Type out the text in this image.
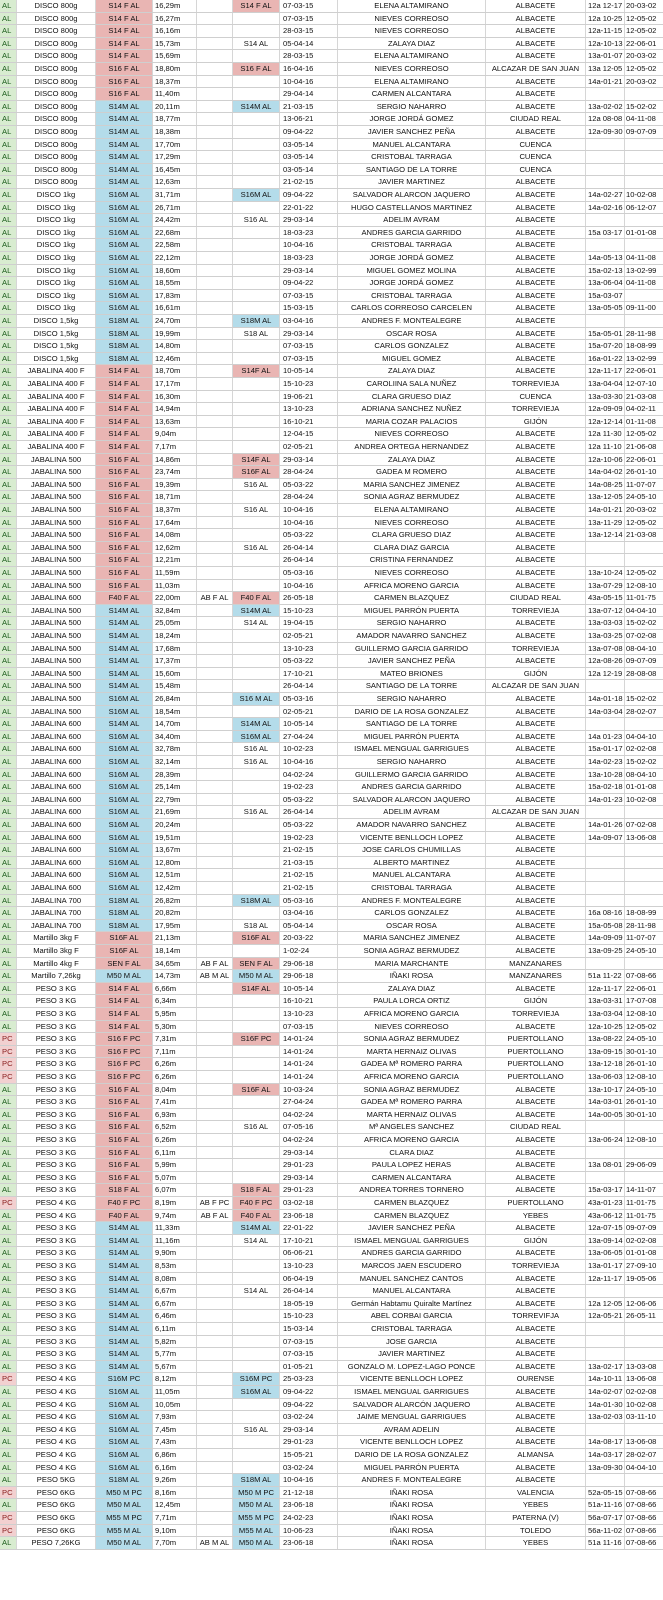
AL	DISCO 800g	S14 F AL	16,29m	S14 F AL	07-03-15	ELENA ALTAMIRANO	ALBACETE	12a 12-17 20-03-02
AL	DISCO 800g	S14 F AL	16,27m	07-03-15	NIEVES CORREOSO	ALBACETE	12a 10-25 12-05-02
AL	DISCO 800g	S14 F AL	16,16m	28-03-15	NIEVES CORREOSO	ALBACETE	12a-11-15 12-05-02
AL	DISCO 800g	S14 F AL	15,73m	S14 AL	05-04-14	ZALAYA DIAZ	ALBACETE	12a-10-13 22-06-01
AL	DISCO 800g	S14 F AL	15,69m	28-03-15	ELENA ALTAMIRANO	ALBACETE	13a-01-07 20-03-02
AL	DISCO 800g	S16 F AL	18,80m	S16 F AL	16-04-16	NIEVES CORREOSO	ALCAZAR DE SAN JUAN	13a 12-05 12-05-02
AL	DISCO 800g	S16 F AL	18,37m	10-04-16	ELENA ALTAMIRANO	ALBACETE	14a-01-21 20-03-02
AL	DISCO 800g	S16 F AL	11,40m	29-04-14	CARMEN ALCANTARA	ALBACETE
AL	DISCO 800g	S14M AL	20,11m	S14M AL	21-03-15	SERGIO NAHARRO	ALBACETE	13a-02-02 15-02-02
AL	DISCO 800g	S14M AL	18,77m	13-06-21	JORGE JORDÁ GOMEZ	CIUDAD REAL	12a 08-08 04-11-08
AL	DISCO 800g	S14M AL	18,38m	09-04-22	JAVIER SANCHEZ PEÑA	ALBACETE	12a-09-30 09-07-09
AL	DISCO 800g	S14M AL	17,70m	03-05-14	MANUEL ALCANTARA	CUENCA
AL	DISCO 800g	S14M AL	17,29m	03-05-14	CRISTOBAL TARRAGA	CUENCA
AL	DISCO 800g	S14M AL	16,45m	03-05-14	SANTIAGO DE LA TORRE	CUENCA
AL	DISCO 800g	S14M AL	12,63m	21-02-15	JAVIER MARTINEZ	ALBACETE
AL	DISCO 1kg	S16M AL	31,71m	S16M AL	09-04-22	SALVADOR ALARCON JAQUERO	ALBACETE	14a-02-27 10-02-08
AL	DISCO 1kg	S16M AL	26,71m	22-01-22	HUGO CASTELLANOS MARTINEZ	ALBACETE	14a-02-16 06-12-07
AL	DISCO 1kg	S16M AL	24,42m	S16 AL	29-03-14	ADELIM AVRAM	ALBACETE
AL	DISCO 1kg	S16M AL	22,68m	18-03-23	ANDRES GARCIA GARRIDO	ALBACETE	15a 03-17 01-01-08
AL	DISCO 1kg	S16M AL	22,58m	10-04-16	CRISTOBAL TARRAGA	ALBACETE
AL	DISCO 1kg	S16M AL	22,12m	18-03-23	JORGE JORDÁ GOMEZ	ALBACETE	14a-05-13 04-11-08
AL	DISCO 1kg	S16M AL	18,60m	29-03-14	MIGUEL GOMEZ MOLINA	ALBACETE	15a-02-13 13-02-99
AL	DISCO 1kg	S16M AL	18,55m	09-04-22	JORGE JORDÁ GOMEZ	ALBACETE	13a-06-04 04-11-08
AL	DISCO 1kg	S16M AL	17,83m	07-03-15	CRISTOBAL TARRAGA	ALBACETE	15a-03-07
AL	DISCO 1kg	S16M AL	16,61m	15-03-15	CARLOS CORREOSO CARCELEN	ALBACETE	13a-05-05 09-11-00
AL	DISCO 1,5kg	S18M AL	24,70m	S18M AL	03-04-16	ANDRES F. MONTEALEGRE	ALBACETE
AL	DISCO 1,5kg	S18M AL	19,99m	S18 AL	29-03-14	OSCAR ROSA	ALBACETE	15a-05-01 28-11-98
AL	DISCO 1,5kg	S18M AL	14,80m	07-03-15	CARLOS GONZALEZ	ALBACETE	15a-07-20 18-08-99
AL	DISCO 1,5kg	S18M AL	12,46m	07-03-15	MIGUEL GOMEZ	ALBACETE	16a-01-22 13-02-99
AL	JABALINA 400 F	S14 F AL	18,70m	S14F AL	10-05-14	ZALAYA DIAZ	ALBACETE	12a-11-17 22-06-01
AL	JABALINA 400 F	S14 F AL	17,17m	15-10-23	CAROLIINA SALA NUÑEZ	TORREVIEJA	13a-04-04 12-07-10
AL	JABALINA 400 F	S14 F AL	16,30m	19-06-21	CLARA GRUESO DIAZ	CUENCA	13a-03-30 21-03-08
AL	JABALINA 400 F	S14 F AL	14,94m	13-10-23	ADRIANA SANCHEZ NUÑEZ	TORREVIEJA	12a-09-09 04-02-11
AL	JABALINA 400 F	S14 F AL	13,63m	16-10-21	MARIA COZAR PALACIOS	GIJÓN	12a-12-14 01-11-08
AL	JABALINA 400 F	S14 F AL	9,04m	12-04-15	NIEVES CORREOSO	ALBACETE	12a 11-30 12-05-02
AL	JABALINA 400 F	S14 F AL	7,17m	02-05-21	ANDREA ORTEGA HERNANDEZ	ALBACETE	12a 11-10 21-06-08
AL	JABALINA 500	S16 F AL	14,86m	S14F AL	29-03-14	ZALAYA DIAZ	ALBACETE	12a-10-06 22-06-01
AL	JABALINA 500	S16 F AL	23,74m	S16F AL	28-04-24	GADEA M ROMERO	ALBACETE	14a-04-02 26-01-10
AL	JABALINA 500	S16 F AL	19,39m	S16 AL	05-03-22	MARIA SANCHEZ JIMENEZ	ALBACETE	14a-08-25 11-07-07
AL	JABALINA 500	S16 F AL	18,71m	28-04-24	SONIA AGRAZ BERMUDEZ	ALBACETE	13a-12-05 24-05-10
AL	JABALINA 500	S16 F AL	18,37m	S16 AL	10-04-16	ELENA ALTAMIRANO	ALBACETE	14a-01-21 20-03-02
AL	JABALINA 500	S16 F AL	17,64m	10-04-16	NIEVES CORREOSO	ALBACETE	13a-11-29 12-05-02
AL	JABALINA 500	S16 F AL	14,08m	05-03-22	CLARA GRUESO DIAZ	ALBACETE	13a-12-14 21-03-08
AL	JABALINA 500	S16 F AL	12,62m	S16 AL	26-04-14	CLARA DIAZ GARCIA	ALBACETE
AL	JABALINA 500	S16 F AL	12,21m	26-04-14	CRISTINA FERNANDEZ	ALBACETE
AL	JABALINA 500	S16 F AL	11,59m	05-03-16	NIEVES CORREOSO	ALBACETE	13a-10-24 12-05-02
AL	JABALINA 500	S16 F AL	11,03m	10-04-16	AFRICA MORENO GARCIA	ALBACETE	13a-07-29 12-08-10
AL	JABALINA 600	F40 F AL	22,00m	AB F AL	F40 F AL	26-05-18	CARMEN BLAZQUEZ	CIUDAD REAL	43a-05-15 11-01-75
AL	JABALINA 500	S14M AL	32,84m	S14M AL	15-10-23	MIGUEL PARRÓN PUERTA	TORREVIEJA	13a-07-12 04-04-10
AL	JABALINA 500	S14M AL	25,05m	S14 AL	19-04-15	SERGIO NAHARRO	ALBACETE	13a-03-03 15-02-02
AL	JABALINA 500	S14M AL	18,24m	02-05-21	AMADOR NAVARRO SANCHEZ	ALBACETE	13a-03-25 07-02-08
AL	JABALINA 500	S14M AL	17,68m	13-10-23	GUILLERMO GARCIA GARRIDO	TORREVIEJA	13a-07-08 08-04-10
AL	JABALINA 500	S14M AL	17,37m	05-03-22	JAVIER SANCHEZ PEÑA	ALBACETE	12a-08-26 09-07-09
AL	JABALINA 500	S14M AL	15,60m	17-10-21	MATEO BRIONES	GIJÓN	12a 12-19 28-08-08
AL	JABALINA 500	S14M AL	15,48m	26-04-14	SANTIAGO DE LA TORRE	ALCAZAR DE SAN JUAN
AL	JABALINA 500	S16M AL	26,84m	S16 M AL	05-03-16	SERGIO NAHARRO	ALBACETE	14a-01-18 15-02-02
AL	JABALINA 500	S16M AL	18,54m	02-05-21	DARIO DE LA ROSA GONZALEZ	ALBACETE	14a-03-04 28-02-07
AL	JABALINA 600	S14M AL	14,70m	S14M AL	10-05-14	SANTIAGO DE LA TORRE	ALBACETE
AL	JABALINA 600	S16M AL	34,40m	S16M AL	27-04-24	MIGUEL PARRÓN PUERTA	ALBACETE	14a 01-23 04-04-10
AL	JABALINA 600	S16M AL	32,78m	S16 AL	10-02-23	ISMAEL MENGUAL GARRIGUES	ALBACETE	15a-01-17 02-02-08
AL	JABALINA 600	S16M AL	32,14m	S16 AL	10-04-16	SERGIO NAHARRO	ALBACETE	14a-02-23 15-02-02
AL	JABALINA 600	S16M AL	28,39m	04-02-24	GUILLERMO GARCIA GARRIDO	ALBACETE	13a-10-28 08-04-10
AL	JABALINA 600	S16M AL	25,14m	19-02-23	ANDRES GARCIA GARRIDO	ALBACETE	15a-02-18 01-01-08
AL	JABALINA 600	S16M AL	22,79m	05-03-22	SALVADOR ALARCON JAQUERO	ALBACETE	14a-01-23 10-02-08
AL	JABALINA 600	S16M AL	21,69m	S16 AL	26-04-14	ADELIM AVRAM	ALCAZAR DE SAN JUAN
AL	JABALINA 600	S16M AL	20,24m	05-03-22	AMADOR NAVARRO SANCHEZ	ALBACETE	14a-01-26 07-02-08
AL	JABALINA 600	S16M AL	19,51m	19-02-23	VICENTE BENLLOCH LOPEZ	ALBACETE	14a-09-07 13-06-08
AL	JABALINA 600	S16M AL	13,67m	21-02-15	JOSE CARLOS CHUMILLAS	ALBACETE
AL	JABALINA 600	S16M AL	12,80m	21-03-15	ALBERTO MARTINEZ	ALBACETE
AL	JABALINA 600	S16M AL	12,51m	21-02-15	MANUEL ALCANTARA	ALBACETE
AL	JABALINA 600	S16M AL	12,42m	21-02-15	CRISTOBAL TARRAGA	ALBACETE
AL	JABALINA 700	S18M AL	26,82m	S18M AL	05-03-16	ANDRES F. MONTEALEGRE	ALBACETE
AL	JABALINA 700	S18M AL	20,82m	03-04-16	CARLOS GONZALEZ	ALBACETE	16a 08-16 18-08-99
AL	JABALINA 700	S18M AL	17,95m	S18 AL	05-04-14	OSCAR ROSA	ALBACETE	15a-05-08 28-11-98
AL	Martillo 3kg F	S16F AL	21,13m	S16F AL	20-03-22	MARIA SANCHEZ JIMENEZ	ALBACETE	14a-09-09 11-07-07
AL	Martillo 3kg F	S16F AL	18,14m	1-02-24	SONIA AGRAZ BERMUDEZ	ALBACETE	13a-09-25 24-05-10
AL	Martillo 4kg F	SEN F AL	34,65m	AB F AL	SEN F AL	29-06-18	MARIA MARCHANTE	MANZANARES
AL	Martillo 7,26kg	M50 M AL	14,73m	AB M AL	M50 M AL	29-06-18	IÑAKI ROSA	MANZANARES	51a 11-22 07-08-66
AL	PESO 3 KG	S14 F AL	6,66m	S14F AL	10-05-14	ZALAYA DIAZ	ALBACETE	12a-11-17 22-06-01
AL	PESO 3 KG	S14 F AL	6,34m	16-10-21	PAULA LORCA ORTIZ	GIJÓN	13a-03-31 17-07-08
AL	PESO 3 KG	S14 F AL	5,95m	13-10-23	AFRICA MORENO GARCIA	TORREVIEJA	13a-03-04 12-08-10
AL	PESO 3 KG	S14 F AL	5,30m	07-03-15	NIEVES CORREOSO	ALBACETE	12a-10-25 12-05-02
PC	PESO 3 KG	S16 F PC	7,31m	S16F PC	14-01-24	SONIA AGRAZ BERMUDEZ	PUERTOLLANO	13a-08-22 24-05-10
PC	PESO 3 KG	S16 F PC	7,11m	14-01-24	MARTA HERNAIZ OLIVAS	PUERTOLLANO	13a-09-15 30-01-10
PC	PESO 3 KG	S16 F PC	6,26m	14-01-24	GADEA Mª ROMERO PARRA	PUERTOLLANO	13a-12-18 26-01-10
PC	PESO 3 KG	S16 F PC	6,26m	14-01-24	AFRICA MORENO GARCIA	PUERTOLLANO	13a-06-03 12-08-10
AL	PESO 3 KG	S16 F AL	8,04m	S16F AL	10-03-24	SONIA AGRAZ BERMUDEZ	ALBACETE	13a-10-17 24-05-10
AL	PESO 3 KG	S16 F AL	7,41m	27-04-24	GADEA Mª ROMERO PARRA	ALBACETE	14a-03-01 26-01-10
AL	PESO 3 KG	S16 F AL	6,93m	04-02-24	MARTA HERNAIZ OLIVAS	ALBACETE	14a-00-05 30-01-10
AL	PESO 3 KG	S16 F AL	6,52m	S16 AL	07-05-16	Mª ANGELES SANCHEZ	CIUDAD REAL
AL	PESO 3 KG	S16 F AL	6,26m	04-02-24	AFRICA MORENO GARCIA	ALBACETE	13a-06-24 12-08-10
AL	PESO 3 KG	S16 F AL	6,11m	29-03-14	CLARA DIAZ	ALBACETE
AL	PESO 3 KG	S16 F AL	5,99m	29-01-23	PAULA LOPEZ HERAS	ALBACETE	13a 08-01 29-06-09
AL	PESO 3 KG	S16 F AL	5,07m	29-03-14	CARMEN ALCANTARA	ALBACETE
AL	PESO 3 KG	S18 F AL	6,07m	S18 F AL	29-01-23	ANDREA TORRES TORNERO	ALBACETE	15a-03-17 14-11-07
PC	PESO 4 KG	F40 F PC	8,19m	AB F PC	F40 F PC	03-02-18	CARMEN BLAZQUEZ	PUERTOLLANO	43a-01-23 11-01-75
AL	PESO 4 KG	F40 F AL	9,74m	AB F AL	F40 F AL	23-06-18	CARMEN BLAZQUEZ	YEBES	43a-06-12 11-01-75
AL	PESO 3 KG	S14M AL	11,33m	S14M AL	22-01-22	JAVIER SANCHEZ PEÑA	ALBACETE	12a-07-15 09-07-09
AL	PESO 3 KG	S14M AL	11,16m	S14 AL	17-10-21	ISMAEL MENGUAL GARRIGUES	GIJÓN	13a-09-14 02-02-08
AL	PESO 3 KG	S14M AL	9,90m	06-06-21	ANDRES GARCIA GARRIDO	ALBACETE	13a-06-05 01-01-08
AL	PESO 3 KG	S14M AL	8,53m	13-10-23	MARCOS JAEN ESCUDERO	TORREVIEJA	13a-01-17 27-09-10
AL	PESO 3 KG	S14M AL	8,08m	06-04-19	MANUEL SANCHEZ CANTOS	ALBACETE	12a-11-17 19-05-06
AL	PESO 3 KG	S14M AL	6,67m	S14 AL	26-04-14	MANUEL ALCANTARA	ALBACETE
AL	PESO 3 KG	S14M AL	6,67m	18-05-19	Germán Habtamu Quiralte Martínez	ALBACETE	12a 12-05 12-06-06
AL	PESO 3 KG	S14M AL	6,46m	15-10-23	ABEL CORBAI GARCIA	TORREVIFJA	12a-05-21 26-05-11
AL	PESO 3 KG	S14M AL	6,11m	15-03-14	CRISTOBAL TARRAGA	ALBACETE
AL	PESO 3 KG	S14M AL	5,82m	07-03-15	JOSE GARCIA	ALBACETE
AL	PESO 3 KG	S14M AL	5,77m	07-03-15	JAVIER MARTINEZ	ALBACETE
AL	PESO 3 KG	S14M AL	5,67m	01-05-21	GONZALO M. LOPEZ-LAGO PONCE	ALBACETE	13a-02-17 13-03-08
PC	PESO 4 KG	S16M PC	8,12m	S16M PC	25-03-23	VICENTE BENLLOCH LOPEZ	OURENSE	14a-10-11 13-06-08
AL	PESO 4 KG	S16M AL	11,05m	S16M AL	09-04-22	ISMAEL MENGUAL GARRIGUES	ALBACETE	14a-02-07 02-02-08
AL	PESO 4 KG	S16M AL	10,05m	09-04-22	SALVADOR ALARCÓN JAQUERO	ALBACETE	14a-01-30 10-02-08
AL	PESO 4 KG	S16M AL	7,93m	03-02-24	JAIME MENGUAL GARRIGUES	ALBACETE	13a-02-03 03-11-10
AL	PESO 4 KG	S16M AL	7,45m	S16 AL	29-03-14	AVRAM ADELIN	ALBACETE
AL	PESO 4 KG	S16M AL	7,43m	29-01-23	VICENTE BENLLOCH LOPEZ	ALBACETE	14a-08-17 13-06-08
AL	PESO 4 KG	S16M AL	6,86m	15-05-21	DARIO DE LA ROSA GONZALEZ	ALMANSA	14a-03-17 28-02-07
AL	PESO 4 KG	S16M AL	6,16m	03-02-24	MIGUEL PARRÓN PUERTA	ALBACETE	13a-09-30 04-04-10
AL	PESO 5KG	S18M AL	9,26m	S18M AL	10-04-16	ANDRES F. MONTEALEGRE	ALBACETE
PC	PESO 6KG	M50 M PC	8,16m	M50 M PC	21-12-18	IÑAKI ROSA	VALENCIA	52a-05-15 07-08-66
AL	PESO 6KG	M50 M AL	12,45m	M50 M AL	23-06-18	IÑAKI ROSA	YEBES	51a-11-16 07-08-66
PC	PESO 6KG	M55 M PC	7,71m	M55 M PC	24-02-23	IÑAKI ROSA	PATERNA (V)	56a-07-17 07-08-66
PC	PESO 6KG	M55 M AL	9,10m	M55 M AL	10-06-23	IÑAKI ROSA	TOLEDO	56a-11-02 07-08-66
AL	PESO 7,26KG	M50 M AL	7,70m	AB M AL	M50 M AL	23-06-18	IÑAKI ROSA	YEBES	51a 11-16 07-08-66
